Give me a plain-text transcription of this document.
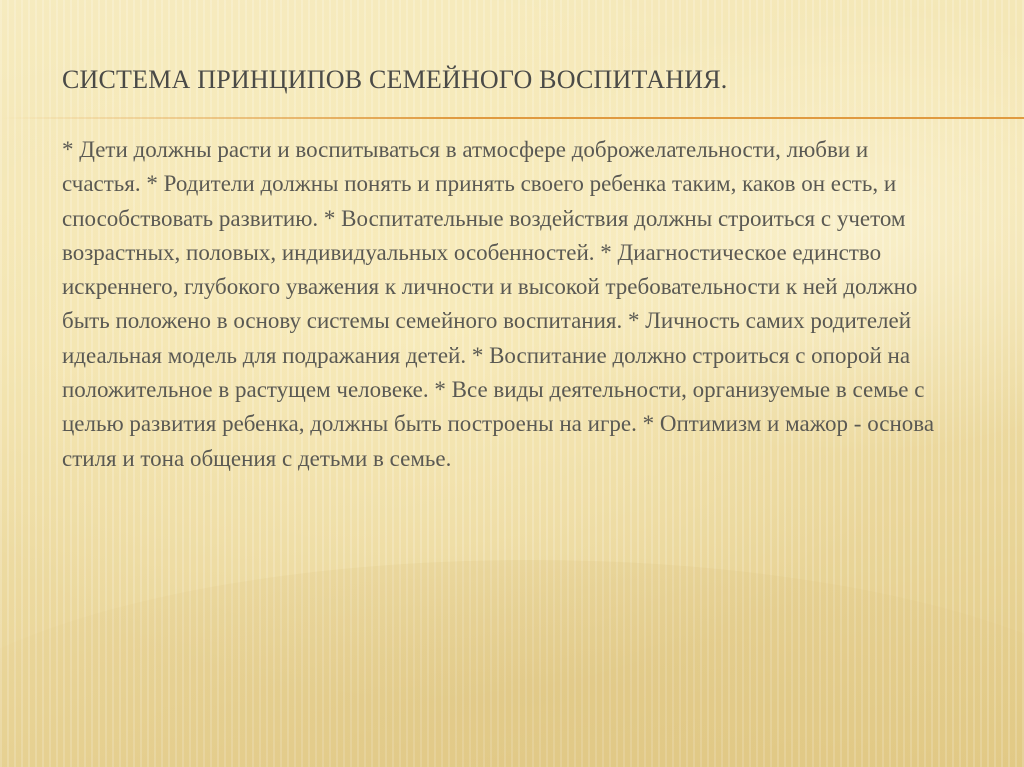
СИСТЕМА ПРИНЦИПОВ СЕМЕЙНОГО ВОСПИТАНИЯ.

* Дети должны расти и воспитываться в атмосфере доброжелательности, любви и счастья. * Родители должны понять и принять своего ребенка таким, каков он есть, и способствовать развитию. * Воспитательные воздействия должны строиться с учетом возрастных, половых, индивидуальных особенностей. * Диагностическое единство искреннего, глубокого уважения к личности и высокой требовательности к ней должно быть положено в основу системы семейного воспитания. * Личность самих родителей идеальная модель для подражания детей. * Воспитание должно строиться с опорой на положительное в растущем человеке. * Все виды деятельности, организуемые в семье с целью развития ребенка, должны быть построены на игре. * Оптимизм и мажор - основа стиля и тона общения с детьми в семье.
